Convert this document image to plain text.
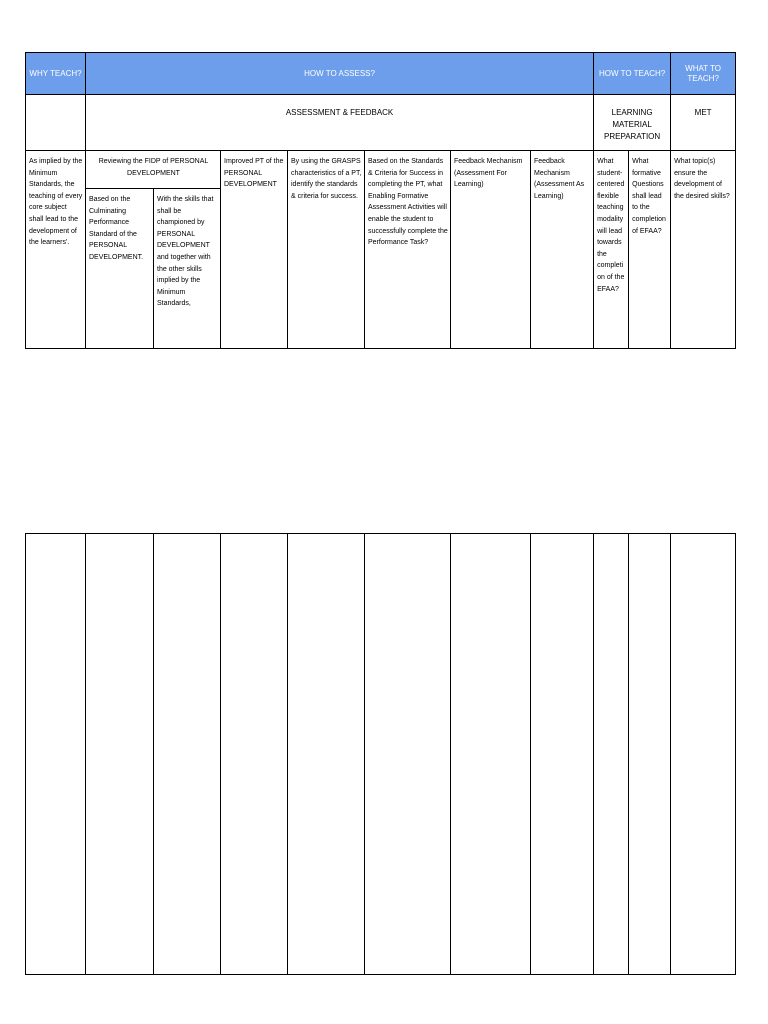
WHY TEACH?	HOW TO ASSESS?							HOW TO TEACH?		WHAT TO TEACH?
	ASSESSMENT & FEEDBACK							LEARNING MATERIAL PREPARATION		MET
As implied by the Minimum Standards, the teaching of every core subject shall lead to the development of the learners'.	Reviewing the FIDP of PERSONAL DEVELOPMENT		Improved PT of the PERSONAL DEVELOPMENT	By using the GRASPS characteristics of a PT, identify the standards & criteria for success.	Based on the Standards & Criteria for Success in completing the PT, what Enabling Formative Assessment Activities will enable the student to successfully complete the Performance Task?	Feedback Mechanism (Assessment For Learning)	Feedback Mechanism (Assessment As Learning)	What student-centered flexible teaching modality will lead towards the completion of the EFAA?	What formative Questions shall lead to the completion of EFAA?	What topic(s) ensure the development of the desired skills?
	Based on the Culminating Performance Standard of the PERSONAL DEVELOPMENT.	With the skills that shall be championed by PERSONAL DEVELOPMENT and together with the other skills implied by the Minimum Standards,								
